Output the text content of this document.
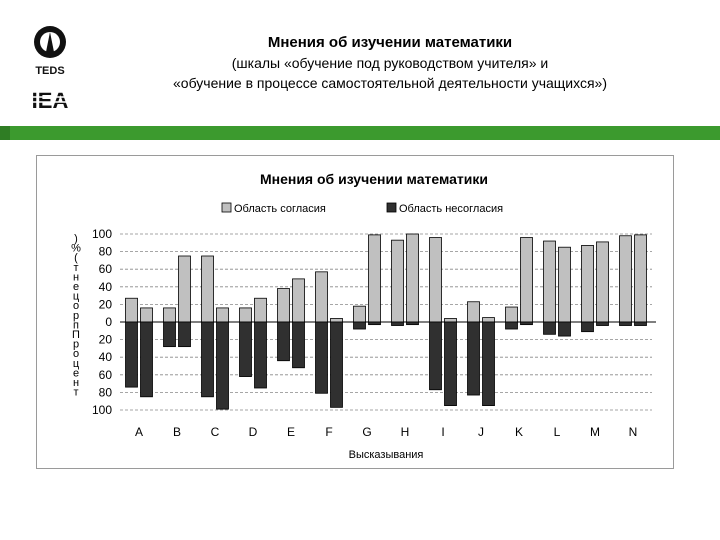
TEDS
IEA
Мнения об изучении математики
(шкалы «обучение под руководством учителя» и
«обучение в процессе самостоятельной деятельности учащихся»)
Мнения об изучении математики
Область согласия	Область несогласия
100
80
60
40
20
0
20
40
60
80
100
)
%
(
т
н
е
ц
о
р
п
П
р
о
ц
е
н
т
A B C D E	F G H	I	J	K	L M N
Высказывания
